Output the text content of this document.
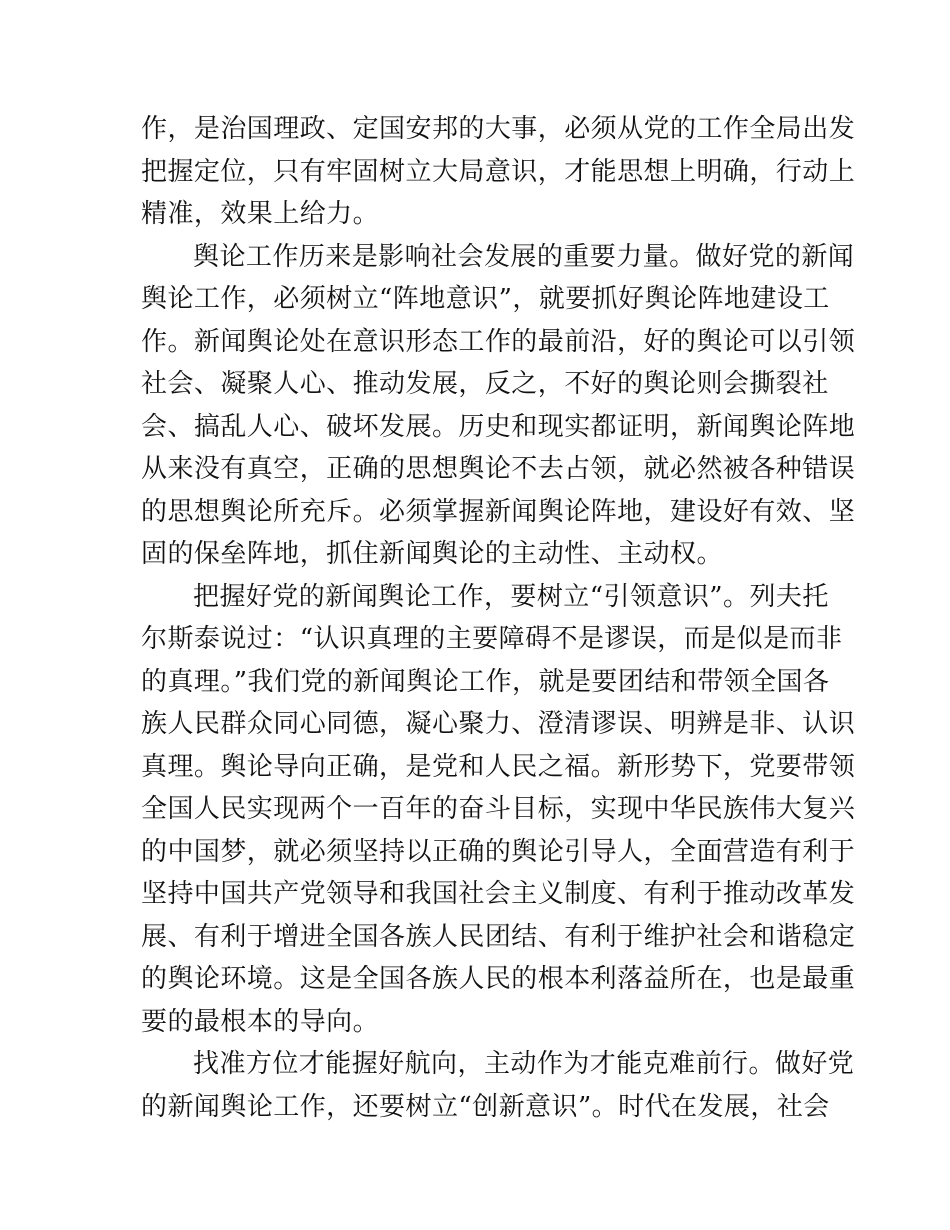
作，是治国理政、定国安邦的大事，必须从党的工作全局出发
把握定位，只有牢固树立大局意识，才能思想上明确，行动上
精准，效果上给力。
舆论工作历来是影响社会发展的重要力量。做好党的新闻
舆论工作，必须树立“阵地意识”，就要抓好舆论阵地建设工
作。新闻舆论处在意识形态工作的最前沿，好的舆论可以引领
社会、凝聚人心、推动发展，反之，不好的舆论则会撕裂社
会、搞乱人心、破坏发展。历史和现实都证明，新闻舆论阵地
从来没有真空，正确的思想舆论不去占领，就必然被各种错误
的思想舆论所充斥。必须掌握新闻舆论阵地，建设好有效、坚
固的保垒阵地，抓住新闻舆论的主动性、主动权。
把握好党的新闻舆论工作，要树立“引领意识”。列夫托
尔斯泰说过：“认识真理的主要障碍不是谬误，而是似是而非
的真理。”我们党的新闻舆论工作，就是要团结和带领全国各
族人民群众同心同德，凝心聚力、澄清谬误、明辨是非、认识
真理。舆论导向正确，是党和人民之福。新形势下，党要带领
全国人民实现两个一百年的奋斗目标，实现中华民族伟大复兴
的中国梦，就必须坚持以正确的舆论引导人，全面营造有利于
坚持中国共产党领导和我国社会主义制度、有利于推动改革发
展、有利于增进全国各族人民团结、有利于维护社会和谐稳定
的舆论环境。这是全国各族人民的根本利落益所在，也是最重
要的最根本的导向。
找准方位才能握好航向，主动作为才能克难前行。做好党
的新闻舆论工作，还要树立“创新意识”。时代在发展，社会
